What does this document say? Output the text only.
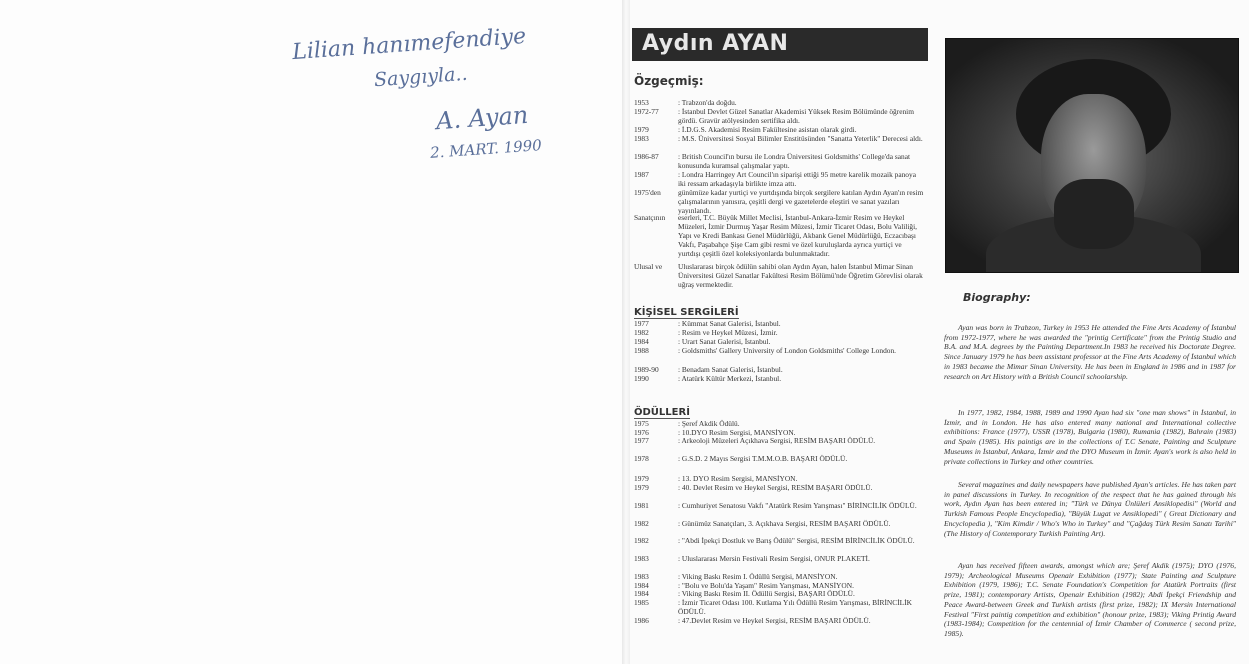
Lilian hanımefendiye
Saygıyla..
A. Ayan
2. MART. 1990
Aydın AYAN
Özgeçmiş:
1953	: Trabzon'da doğdu.
1972-77	: İstanbul Devlet Güzel Sanatlar Akademisi Yüksek Resim Bölümünde öğrenim gördü. Gravür atölyesinden sertifika aldı.
1979	: İ.D.G.S. Akademisi Resim Fakültesine asistan olarak girdi.
1983	: M.S. Üniversitesi Sosyal Bilimler Enstitüsünden "Sanatta Yeterlik" Derecesi aldı.
1986-87	: British Council'ın bursu ile Londra Üniversitesi Goldsmiths' College'da sanat konusunda kuramsal çalışmalar yaptı.
1987	: Londra Harringey Art Council'ın siparişi ettiği 95 metre karelik mozaik panoya iki ressam arkadaşıyla birlikte imza attı.
1975'den	günümüze kadar yurtiçi ve yurtdışında birçok sergilere katılan Aydın Ayan'ın resim çalışmalarının yanısıra, çeşitli dergi ve gazetelerde eleştiri ve sanat yazıları yayınlandı.
Sanatçının	eserleri, T.C. Büyük Millet Meclisi, İstanbul-Ankara-İzmir Resim ve Heykel Müzeleri, İzmir Durmuş Yaşar Resim Müzesi, İzmir Ticaret Odası, Bolu Valiliği, Yapı ve Kredi Bankası Genel Müdürlüğü, Akbank Genel Müdürlüğü, Eczacıbaşı Vakfı, Paşabahçe Şişe Cam gibi resmi ve özel kuruluşlarda ayrıca yurtiçi ve yurtdışı çeşitli özel koleksiyonlarda bulunmaktadır.
Ulusal ve	Uluslararası birçok ödülün sahibi olan Aydın Ayan, halen İstanbul Mimar Sinan Üniversitesi Güzel Sanatlar Fakültesi Resim Bölümü'nde Öğretim Görevlisi olarak uğraş vermektedir.
KİŞİSEL SERGİLERİ
1977	: Kümmat Sanat Galerisi, İstanbul.
1982	: Resim ve Heykel Müzesi, İzmir.
1984	: Urart Sanat Galerisi, İstanbul.
1988	: Goldsmiths' Gallery University of London Goldsmiths' College London.
1989-90	: Benadam Sanat Galerisi, İstanbul.
1990	: Atatürk Kültür Merkezi, İstanbul.
ÖDÜLLERİ
1975	: Şeref Akdik Ödülü.
1976	: 10.DYO Resim Sergisi, MANSİYON.
1977	: Arkeoloji Müzeleri Açıkhava Sergisi, RESİM BAŞARI ÖDÜLÜ.
1978	: G.S.D. 2 Mayıs Sergisi T.M.M.O.B. BAŞARI ÖDÜLÜ.
1979	: 13. DYO Resim Sergisi, MANSİYON.
1979	: 40. Devlet Resim ve Heykel Sergisi, RESİM BAŞARI ÖDÜLÜ.
1981	: Cumhuriyet Senatosu Vakfı "Atatürk Resim Yarışması" BİRİNCİLİK ÖDÜLÜ.
1982	: Günümüz Sanatçıları, 3. Açıkhava Sergisi, RESİM BAŞARI ÖDÜLÜ.
1982	: "Abdi İpekçi Dostluk ve Barış Ödülü" Sergisi, RESİM BİRİNCİLİK ÖDÜLÜ.
1983	: Uluslararası Mersin Festivali Resim Sergisi, ONUR PLAKETİ.
1983	: Viking Baskı Resim I. Ödüllü Sergisi, MANSİYON.
1984	: "Bolu ve Bolu'da Yaşam" Resim Yarışması, MANSİYON.
1984	: Viking Baskı Resim II. Ödüllü Sergisi, BAŞARI ÖDÜLÜ.
1985	: İzmir Ticaret Odası 100. Kutlama Yılı Ödüllü Resim Yarışması, BİRİNCİLİK ÖDÜLÜ.
1986	: 47.Devlet Resim ve Heykel Sergisi, RESİM BAŞARI ÖDÜLÜ.
Biography:
Ayan was born in Trabzon, Turkey in 1953 He attended the Fine Arts Academy of İstanbul from 1972-1977, where he was awarded the "printig Certificate" from the Printig Studio and B.A. and M.A. degrees by the Painting Department.In 1983 he received his Doctorate Degree. Since January 1979 he has been assistant professor at the Fine Arts Academy of İstanbul which in 1983 became the Mimar Sinan University. He has been in England in 1986 and in 1987 for research on Art History with a British Council schoolarship.
In 1977, 1982, 1984, 1988, 1989 and 1990 Ayan had six "one man shows" in İstanbul, in İzmir, and in London. He has also entered many national and International collective exhibitions: France (1977), USSR (1978), Bulgaria (1980), Rumania (1982), Bahrain (1983) and Spain (1985). His paintigs are in the collections of T.C Senate, Painting and Sculpture Museums in İstanbul, Ankara, İzmir and the DYO Museum in İzmir. Ayan's work is also held in private collections in Turkey and other countries.
Several magazines and daily newspapers have published Ayan's articles. He has taken part in panel discussions in Turkey. In recognition of the respect that he has gained through his work, Aydın Ayan has been entered in; "Türk ve Dünya Ünlüleri Ansiklopedisi" (World and Turkish Famous People Encyclopedia), "Büyük Lugat ve Ansiklopedi" ( Great Dictionary and Encyclopedia ), "Kim Kimdir / Who's Who in Turkey" and "Çağdaş Türk Resim Sanatı Tarihi" (The History of Contemporary Turkish Painting Art).
Ayan has received fifteen awards, amongst which are; Şeref Akdik (1975); DYO (1976, 1979); Archeological Museums Openair Exhibition (1977); State Painting and Sculpture Exhibition (1979, 1986); T.C. Senate Foundation's Competition for Atatürk Portraits (first prize, 1981); contemporary Artists, Openair Exhibition (1982); Abdi İpekçi Friendship and Peace Award-between Greek and Turkish artists (first prize, 1982); IX Mersin International Festival "First paintig competition and exhibition" (honour prize, 1983); Viking Printig Award (1983-1984); Competition for the centennial of İzmir Chamber of Commerce ( second prize, 1985).
